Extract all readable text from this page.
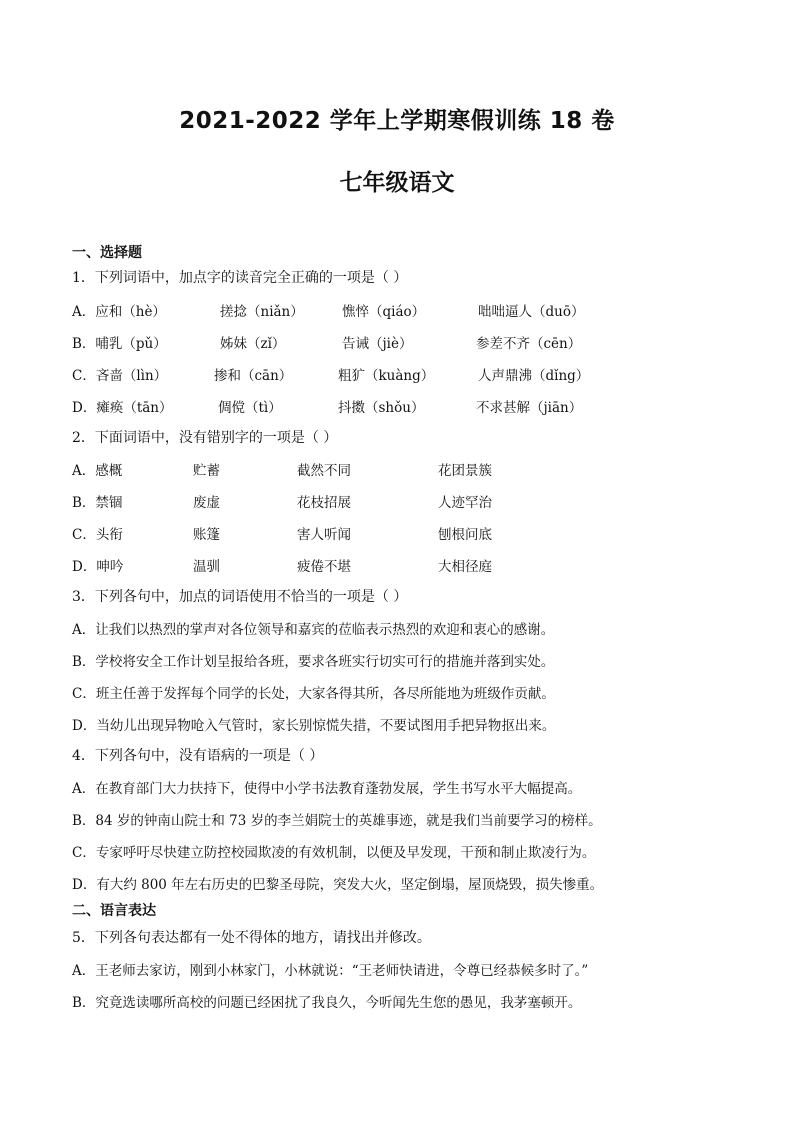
2021-2022 学年上学期寒假训练 18 卷
七年级语文
一、选择题
1．下列词语中，加点字的读音完全正确的一项是（ ）
A．应和（hè）	搓捻（niǎn）	憔悴（qiáo）	咄咄逼人（duō）
B．哺乳（pǔ）	姊妹（zǐ）	告诫（jiè）	参差不齐（cēn）
C．吝啬（lìn）	掺和（cān）	粗犷（kuàng）	人声鼎沸（dǐng）
D．瘫痪（tān）	倜傥（tì）	抖擞（shǒu）	不求甚解（jiān）
2．下面词语中，没有错别字的一项是（ ）
A．感概	贮蓄	截然不同	花团景簇
B．禁锢	废虚	花枝招展	人迹罕治
C．头衔	账篷	害人听闻	刨根问底
D．呻吟	温驯	疲倦不堪	大相径庭
3．下列各句中，加点的词语使用不恰当的一项是（ ）
A．让我们以热烈的掌声对各位领导和嘉宾的莅临表示热烈的欢迎和衷心的感谢。
B．学校将安全工作计划呈报给各班，要求各班实行切实可行的措施并落到实处。
C．班主任善于发挥每个同学的长处，大家各得其所，各尽所能地为班级作贡献。
D．当幼儿出现异物呛入气管时，家长别惊慌失措，不要试图用手把异物抠出来。
4．下列各句中，没有语病的一项是（ ）
A．在教育部门大力扶持下，使得中小学书法教育蓬勃发展，学生书写水平大幅提高。
B．84 岁的钟南山院士和 73 岁的李兰娟院士的英雄事迹，就是我们当前要学习的榜样。
C．专家呼吁尽快建立防控校园欺凌的有效机制，以便及早发现，干预和制止欺凌行为。
D．有大约 800 年左右历史的巴黎圣母院，突发大火，坚定倒塌，屋顶烧毁，损失惨重。
二、语言表达
5．下列各句表达都有一处不得体的地方，请找出并修改。
A．王老师去家访，刚到小林家门，小林就说：“王老师快请进，令尊已经恭候多时了。”
B．究竟选读哪所高校的问题已经困扰了我良久，今听闻先生您的愚见，我茅塞顿开。
